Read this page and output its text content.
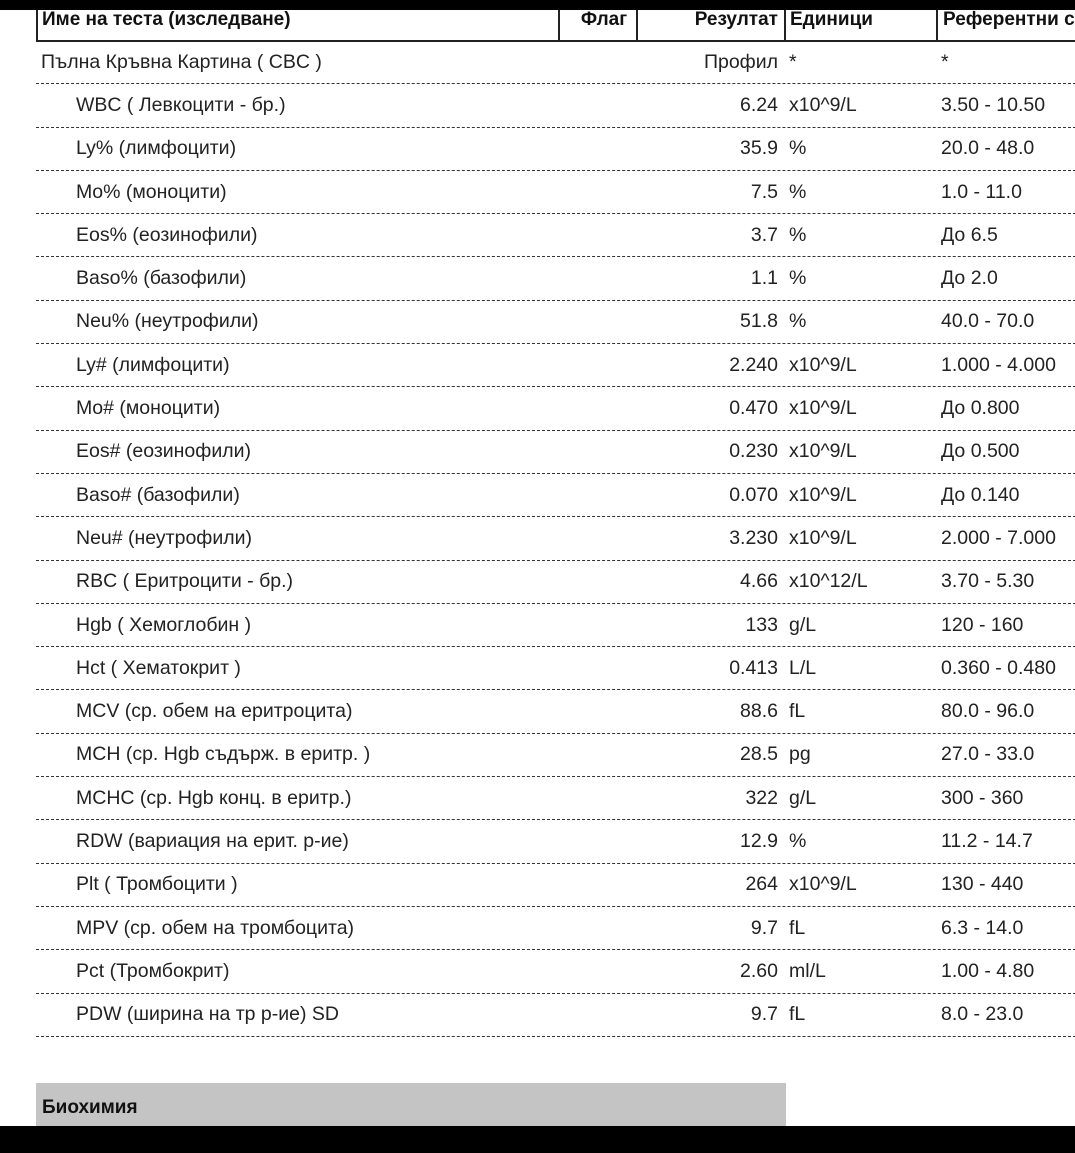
Име на теста (изследване)	Флаг	Резултат Единици	Референтни с
Пълна Кръвна Картина ( CBC )	Профил *	*
WBC ( Левкоцити - бр.)	6.24 x10^9/L	3.50 - 10.50
Ly% (лимфоцити)	35.9 %	20.0 - 48.0
Mo% (моноцити)	7.5 %	1.0 - 11.0
Eos% (еозинофили)	3.7 %	До 6.5
Baso% (базофили)	1.1 %	До 2.0
Neu% (неутрофили)	51.8 %	40.0 - 70.0
Ly# (лимфоцити)	2.240 x10^9/L	1.000 - 4.000
Mo# (моноцити)	0.470 x10^9/L	До 0.800
Eos# (еозинофили)	0.230 x10^9/L	До 0.500
Baso# (базофили)	0.070 x10^9/L	До 0.140
Neu# (неутрофили)	3.230 x10^9/L	2.000 - 7.000
RBC ( Еритроцити - бр.)	4.66 x10^12/L	3.70 - 5.30
Hgb ( Хемоглобин )	133 g/L	120 - 160
Hct ( Хематокрит )	0.413 L/L	0.360 - 0.480
MCV (ср. обем на еритроцита)	88.6 fL	80.0 - 96.0
MCH (ср. Hgb съдърж. в еритр. )	28.5 pg	27.0 - 33.0
MCHC (ср. Hgb конц. в еритр.)	322 g/L	300 - 360
RDW (вариация на ерит. р-ие)	12.9 %	11.2 - 14.7
Plt ( Тромбоцити )	264 x10^9/L	130 - 440
MPV (ср. обем на тромбоцита)	9.7 fL	6.3 - 14.0
Pct (Тромбокрит)	2.60 ml/L	1.00 - 4.80
PDW (ширина на тр р-ие) SD	9.7 fL	8.0 - 23.0
Биохимия
